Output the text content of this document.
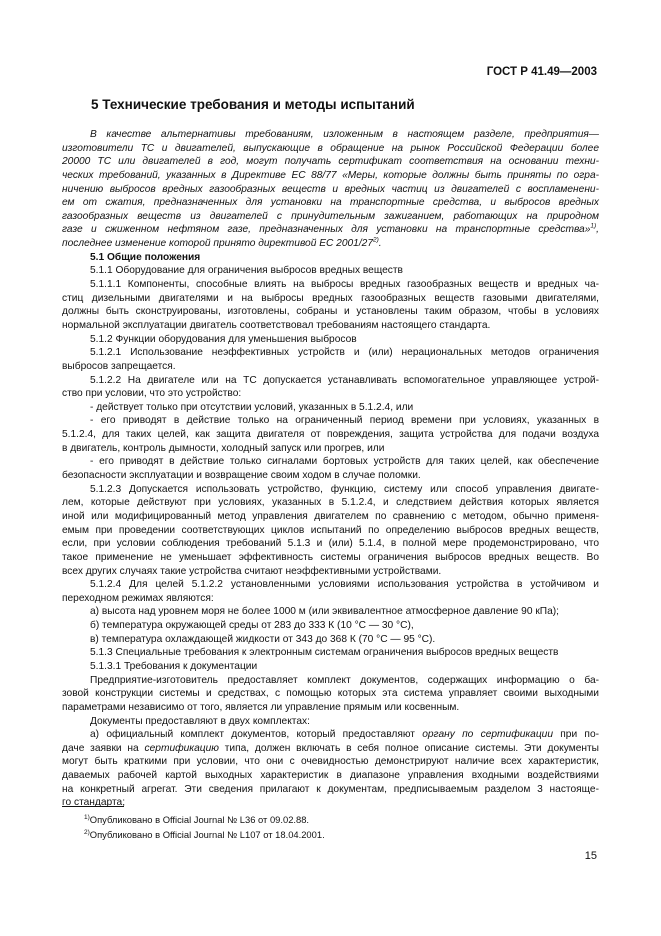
ГОСТ Р 41.49—2003
5 Технические требования и методы испытаний
В качестве альтернативы требованиям, изложенным в настоящем разделе, предприятия—
изготовители ТС и двигателей, выпускающие в обращение на рынок Российской Федерации более
20000 ТС или двигателей в год, могут получать сертификат соответствия на основании техни-
ческих требований, указанных в Директиве ЕС 88/77 «Меры, которые должны быть приняты по огра-
ничению выбросов вредных газообразных веществ и вредных частиц из двигателей с воспламенени-
ем от сжатия, предназначенных для установки на транспортные средства, и выбросов вредных
газообразных веществ из двигателей с принудительным зажиганием, работающих на природном
газе и сжиженном нефтяном газе, предназначенных для установки на транспортные средства»$^{1)}$,
последнее изменение которой принято директивой ЕС 2001/27$^{2)}$.
5.1 Общие положения
5.1.1 Оборудование для ограничения выбросов вредных веществ
5.1.1.1 Компоненты, способные влиять на выбросы вредных газообразных веществ и вредных ча-
стиц дизельными двигателями и на выбросы вредных газообразных веществ газовыми двигателями,
должны быть сконструированы, изготовлены, собраны и установлены таким образом, чтобы в условиях
нормальной эксплуатации двигатель соответствовал требованиям настоящего стандарта.
5.1.2 Функции оборудования для уменьшения выбросов
5.1.2.1 Использование неэффективных устройств и (или) нерациональных методов ограничения
выбросов запрещается.
5.1.2.2 На двигателе или на ТС допускается устанавливать вспомогательное управляющее устрой-
ство при условии, что это устройство:
- действует только при отсутствии условий, указанных в 5.1.2.4, или
- его приводят в действие только на ограниченный период времени при условиях, указанных в
5.1.2.4, для таких целей, как защита двигателя от повреждения, защита устройства для подачи воздуха
в двигатель, контроль дымности, холодный запуск или прогрев, или
- его приводят в действие только сигналами бортовых устройств для таких целей, как обеспечение
безопасности эксплуатации и возвращение своим ходом в случае поломки.
5.1.2.3 Допускается использовать устройство, функцию, систему или способ управления двигате-
лем, которые действуют при условиях, указанных в 5.1.2.4, и следствием действия которых является
иной или модифицированный метод управления двигателем по сравнению с методом, обычно применя-
емым при проведении соответствующих циклов испытаний по определению выбросов вредных веществ,
если, при условии соблюдения требований 5.1.3 и (или) 5.1.4, в полной мере продемонстрировано, что
такое применение не уменьшает эффективность системы ограничения выбросов вредных веществ. Во
всех других случаях такие устройства считают неэффективными устройствами.
5.1.2.4 Для целей 5.1.2.2 установленными условиями использования устройства в устойчивом и
переходном режимах являются:
а) высота над уровнем моря не более 1000 м (или эквивалентное атмосферное давление 90 кПа);
б) температура окружающей среды от 283 до 333 К (10 °С — 30 °С),
в) температура охлаждающей жидкости от 343 до 368 К (70 °С — 95 °С).
5.1.3 Специальные требования к электронным системам ограничения выбросов вредных веществ
5.1.3.1 Требования к документации
Предприятие-изготовитель предоставляет комплект документов, содержащих информацию о ба-
зовой конструкции системы и средствах, с помощью которых эта система управляет своими выходными
параметрами независимо от того, является ли управление прямым или косвенным.
Документы предоставляют в двух комплектах:
а) официальный комплект документов, который предоставляют органу по сертификации при по-
даче заявки на сертификацию типа, должен включать в себя полное описание системы. Эти документы
могут быть краткими при условии, что они с очевидностью демонстрируют наличие всех характеристик,
даваемых рабочей картой выходных характеристик в диапазоне управления входными воздействиями
на конкретный агрегат. Эти сведения прилагают к документам, предписываемым разделом 3 настояще-
го стандарта;
$^{1)}$Опубликовано в Official Journal № L36 от 09.02.88.
$^{2)}$Опубликовано в Official Journal № L107 от 18.04.2001.
15
